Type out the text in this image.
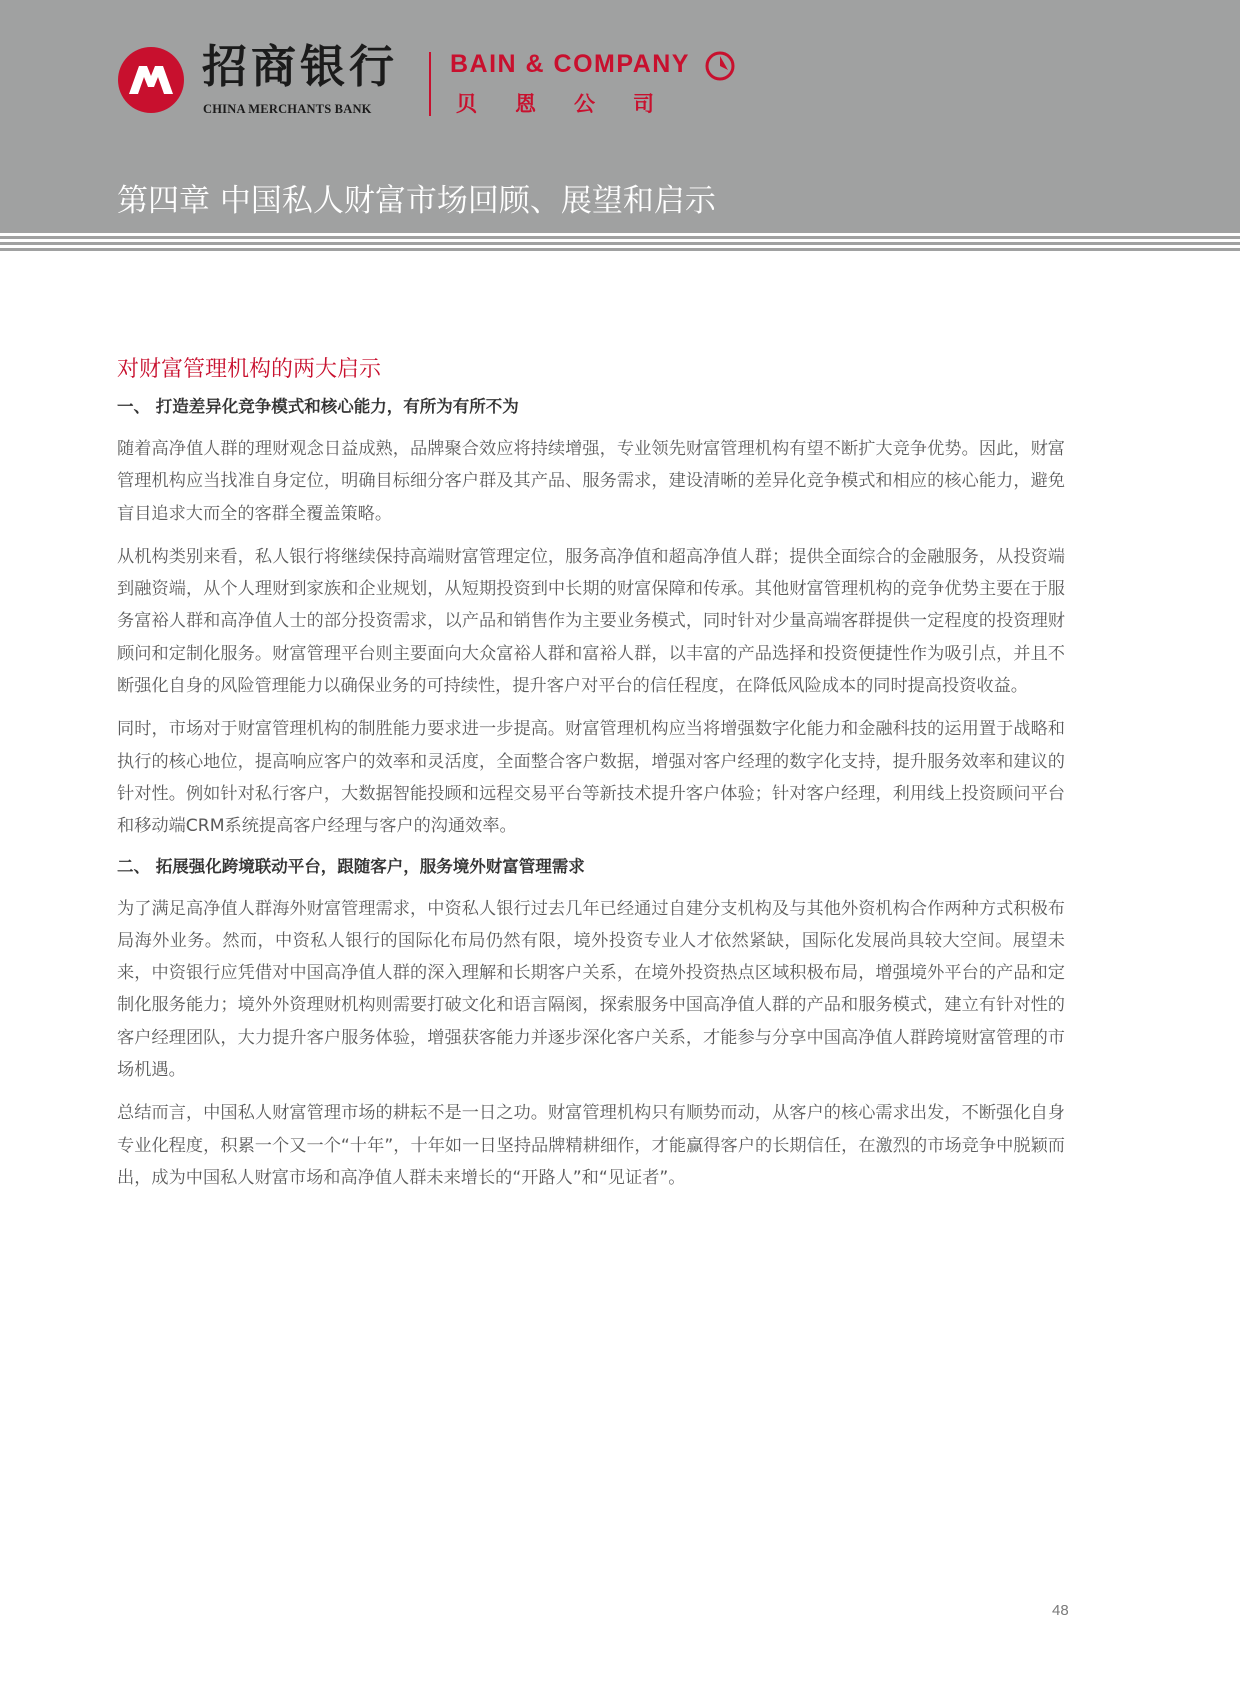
招商银行
CHINA MERCHANTS BANK
BAIN & COMPANY
贝恩公司
第四章 中国私人财富市场回顾、展望和启示
对财富管理机构的两大启示
一、 打造差异化竞争模式和核心能力，有所为有所不为

随着高净值人群的理财观念日益成熟，品牌聚合效应将持续增强，专业领先财富管理机构有望不断扩大竞争优势。因此，财富管理机构应当找准自身定位，明确目标细分客户群及其产品、服务需求，建设清晰的差异化竞争模式和相应的核心能力，避免盲目追求大而全的客群全覆盖策略。

从机构类别来看，私人银行将继续保持高端财富管理定位，服务高净值和超高净值人群；提供全面综合的金融服务，从投资端到融资端，从个人理财到家族和企业规划，从短期投资到中长期的财富保障和传承。其他财富管理机构的竞争优势主要在于服务富裕人群和高净值人士的部分投资需求，以产品和销售作为主要业务模式，同时针对少量高端客群提供一定程度的投资理财顾问和定制化服务。财富管理平台则主要面向大众富裕人群和富裕人群，以丰富的产品选择和投资便捷性作为吸引点，并且不断强化自身的风险管理能力以确保业务的可持续性，提升客户对平台的信任程度，在降低风险成本的同时提高投资收益。

同时，市场对于财富管理机构的制胜能力要求进一步提高。财富管理机构应当将增强数字化能力和金融科技的运用置于战略和执行的核心地位，提高响应客户的效率和灵活度，全面整合客户数据，增强对客户经理的数字化支持，提升服务效率和建议的针对性。例如针对私行客户，大数据智能投顾和远程交易平台等新技术提升客户体验；针对客户经理，利用线上投资顾问平台和移动端CRM系统提高客户经理与客户的沟通效率。

二、 拓展强化跨境联动平台，跟随客户，服务境外财富管理需求

为了满足高净值人群海外财富管理需求，中资私人银行过去几年已经通过自建分支机构及与其他外资机构合作两种方式积极布局海外业务。然而，中资私人银行的国际化布局仍然有限，境外投资专业人才依然紧缺，国际化发展尚具较大空间。展望未来，中资银行应凭借对中国高净值人群的深入理解和长期客户关系，在境外投资热点区域积极布局，增强境外平台的产品和定制化服务能力；境外外资理财机构则需要打破文化和语言隔阂，探索服务中国高净值人群的产品和服务模式，建立有针对性的客户经理团队，大力提升客户服务体验，增强获客能力并逐步深化客户关系，才能参与分享中国高净值人群跨境财富管理的市场机遇。

总结而言，中国私人财富管理市场的耕耘不是一日之功。财富管理机构只有顺势而动，从客户的核心需求出发，不断强化自身专业化程度，积累一个又一个“十年”，十年如一日坚持品牌精耕细作，才能赢得客户的长期信任，在激烈的市场竞争中脱颖而出，成为中国私人财富市场和高净值人群未来增长的“开路人”和“见证者”。

48
